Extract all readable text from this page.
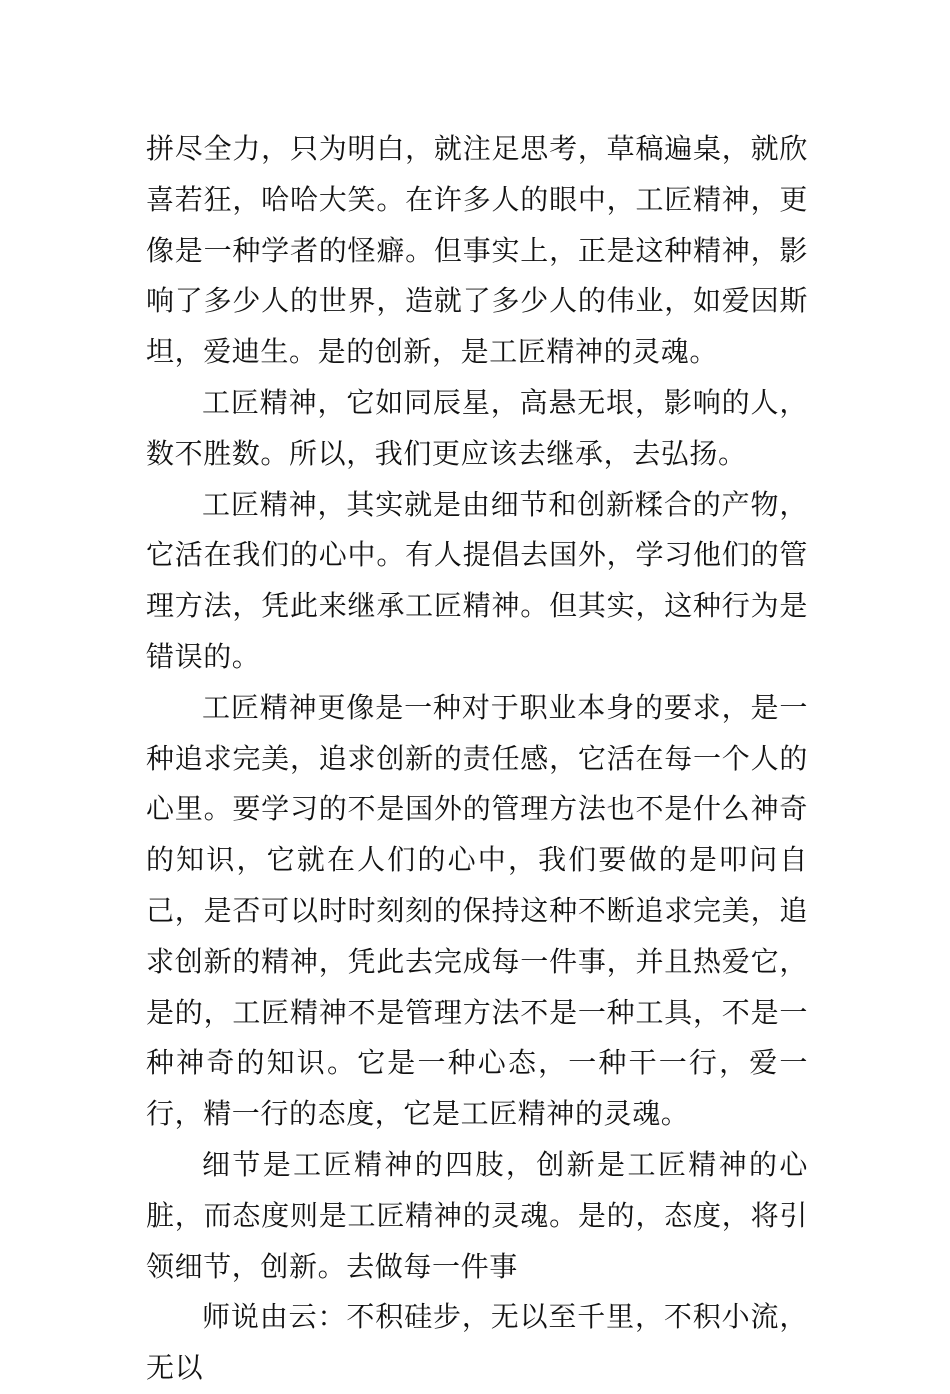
拼尽全力，只为明白，就注足思考，草稿遍桌，就欣喜若狂，哈哈大笑。在许多人的眼中，工匠精神，更像是一种学者的怪癖。但事实上，正是这种精神，影响了多少人的世界，造就了多少人的伟业，如爱因斯坦，爱迪生。是的创新，是工匠精神的灵魂。

工匠精神，它如同辰星，高悬无垠，影响的人，数不胜数。所以，我们更应该去继承，去弘扬。

工匠精神，其实就是由细节和创新糅合的产物，它活在我们的心中。有人提倡去国外，学习他们的管理方法，凭此来继承工匠精神。但其实，这种行为是错误的。

工匠精神更像是一种对于职业本身的要求，是一种追求完美，追求创新的责任感，它活在每一个人的心里。要学习的不是国外的管理方法也不是什么神奇的知识，它就在人们的心中，我们要做的是叩问自己，是否可以时时刻刻的保持这种不断追求完美，追求创新的精神，凭此去完成每一件事，并且热爱它，是的，工匠精神不是管理方法不是一种工具，不是一种神奇的知识。它是一种心态，一种干一行，爱一行，精一行的态度，它是工匠精神的灵魂。

细节是工匠精神的四肢，创新是工匠精神的心脏，而态度则是工匠精神的灵魂。是的，态度，将引领细节，创新。去做每一件事

师说由云：不积硅步，无以至千里，不积小流，无以
